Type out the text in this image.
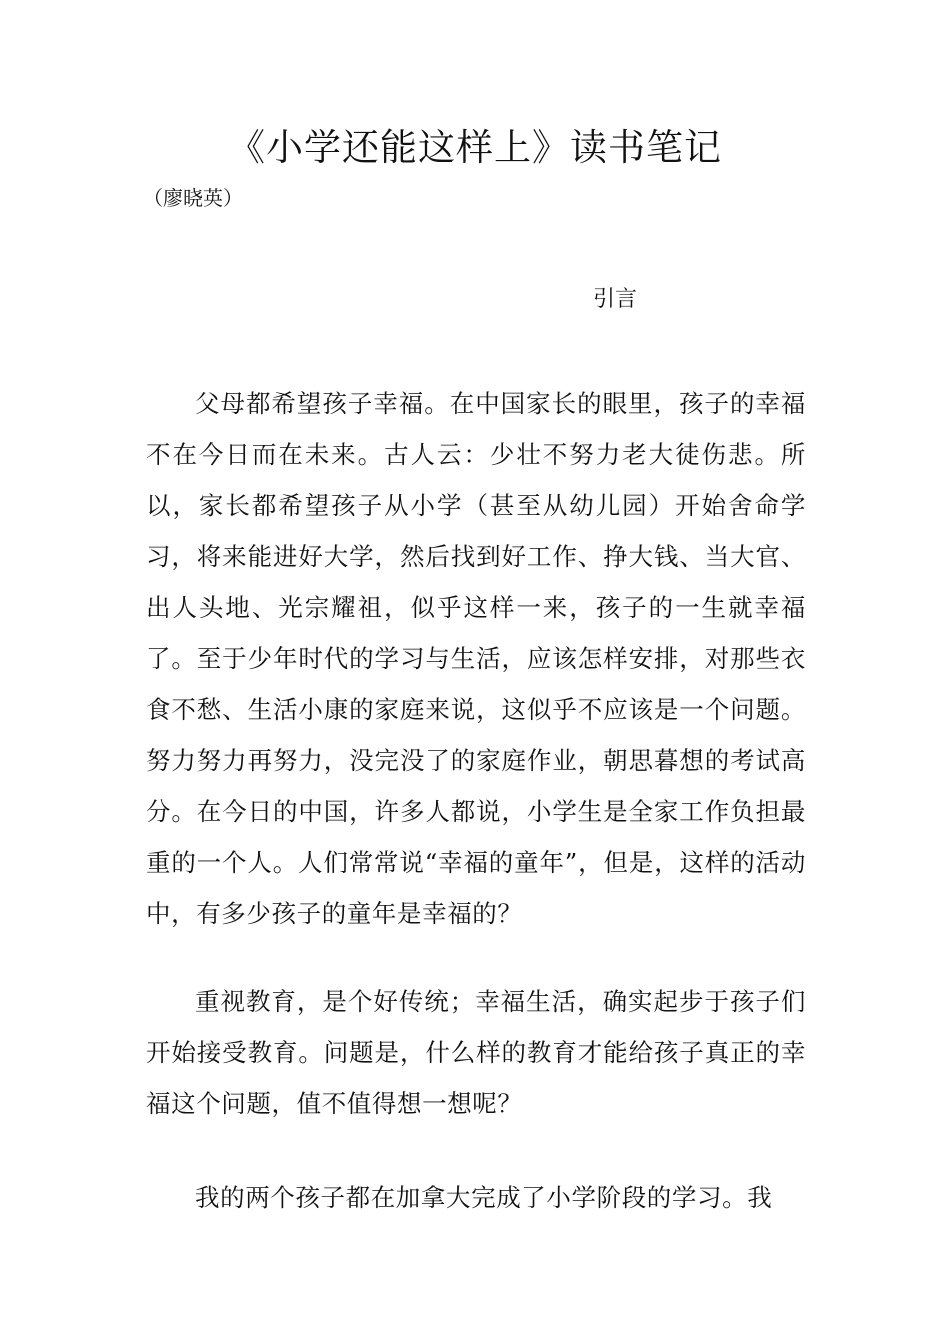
《小学还能这样上》读书笔记

（廖晓英）

引言

父母都希望孩子幸福。在中国家长的眼里，孩子的幸福不在今日而在未来。古人云：少壮不努力老大徒伤悲。所以，家长都希望孩子从小学（甚至从幼儿园）开始舍命学习，将来能进好大学，然后找到好工作、挣大钱、当大官、出人头地、光宗耀祖，似乎这样一来，孩子的一生就幸福了。至于少年时代的学习与生活，应该怎样安排，对那些衣食不愁、生活小康的家庭来说，这似乎不应该是一个问题。努力努力再努力，没完没了的家庭作业，朝思暮想的考试高分。在今日的中国，许多人都说，小学生是全家工作负担最重的一个人。人们常常说“幸福的童年”，但是，这样的活动中，有多少孩子的童年是幸福的？

重视教育，是个好传统；幸福生活，确实起步于孩子们开始接受教育。问题是，什么样的教育才能给孩子真正的幸福这个问题，值不值得想一想呢？

我的两个孩子都在加拿大完成了小学阶段的学习。我
